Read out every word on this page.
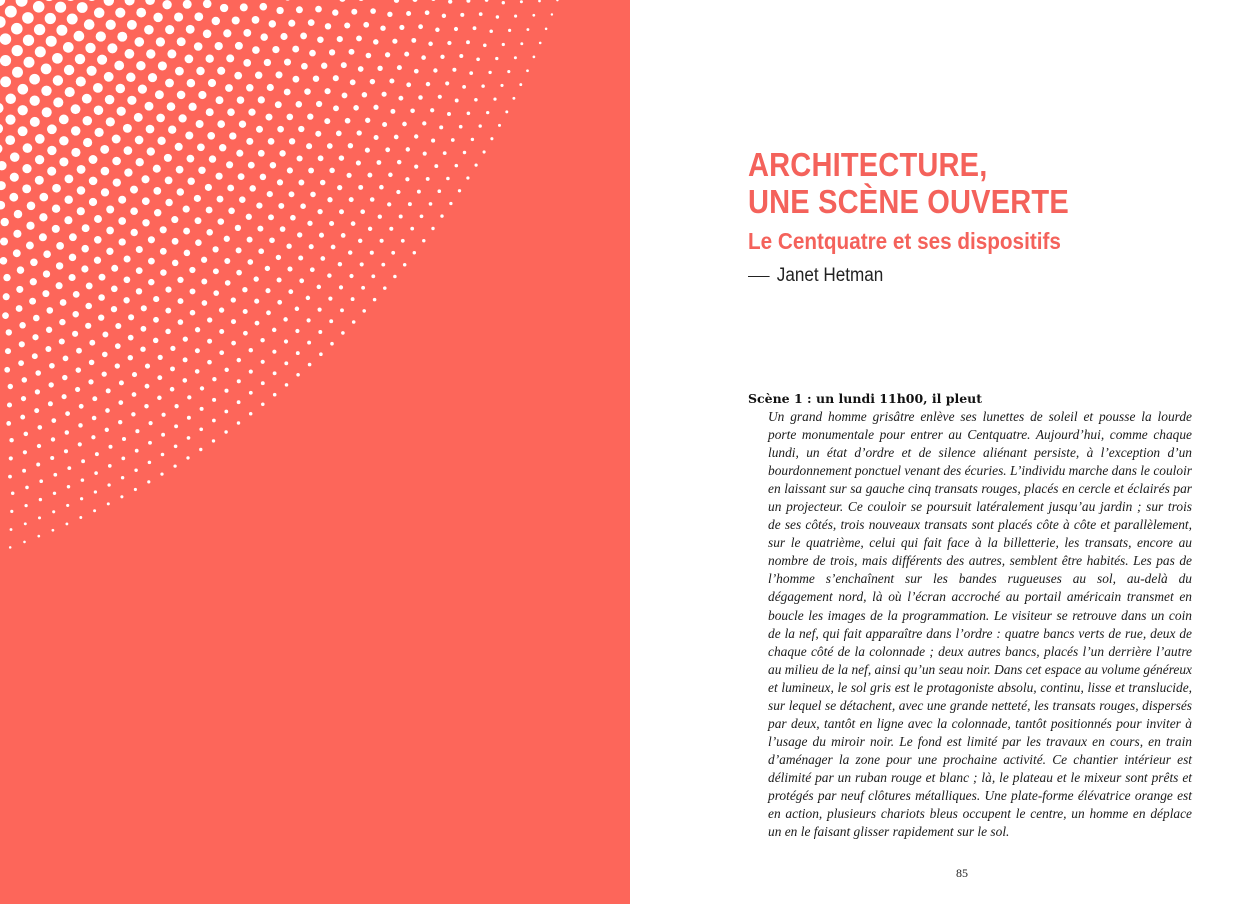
ARCHITECTURE,
UNE SCÈNE OUVERTE
Le Centquatre et ses dispositifs
Janet Hetman
Scène 1 : un lundi 11h00, il pleut

Un grand homme grisâtre enlève ses lunettes de soleil et pousse la lourde porte monumentale pour entrer au Centquatre. Aujourd’hui, comme chaque lundi, un état d’ordre et de silence aliénant persiste, à l’exception d’un bourdonnement ponctuel venant des écuries. L’individu marche dans le couloir en laissant sur sa gauche cinq transats rouges, placés en cercle et éclairés par un projecteur. Ce couloir se poursuit latéralement jusqu’au jardin ; sur trois de ses côtés, trois nouveaux transats sont placés côte à côte et parallèlement, sur le quatrième, celui qui fait face à la billetterie, les transats, encore au nombre de trois, mais différents des autres, semblent être habités. Les pas de l’homme s’enchaînent sur les bandes rugueuses au sol, au-delà du dégagement nord, là où l’écran accroché au portail américain transmet en boucle les images de la programmation. Le visiteur se retrouve dans un coin de la nef, qui fait apparaître dans l’ordre : quatre bancs verts de rue, deux de chaque côté de la colonnade ; deux autres bancs, placés l’un derrière l’autre au milieu de la nef, ainsi qu’un seau noir. Dans cet espace au volume généreux et lumineux, le sol gris est le protagoniste absolu, continu, lisse et translucide, sur lequel se détachent, avec une grande netteté, les transats rouges, dispersés par deux, tantôt en ligne avec la colonnade, tantôt positionnés pour inviter à l’usage du miroir noir. Le fond est limité par les travaux en cours, en train d’aménager la zone pour une prochaine activité. Ce chantier intérieur est délimité par un ruban rouge et blanc ; là, le plateau et le mixeur sont prêts et protégés par neuf clôtures métalliques. Une plate-forme élévatrice orange est en action, plusieurs chariots bleus occupent le centre, un homme en déplace un en le faisant glisser rapidement sur le sol.

85
